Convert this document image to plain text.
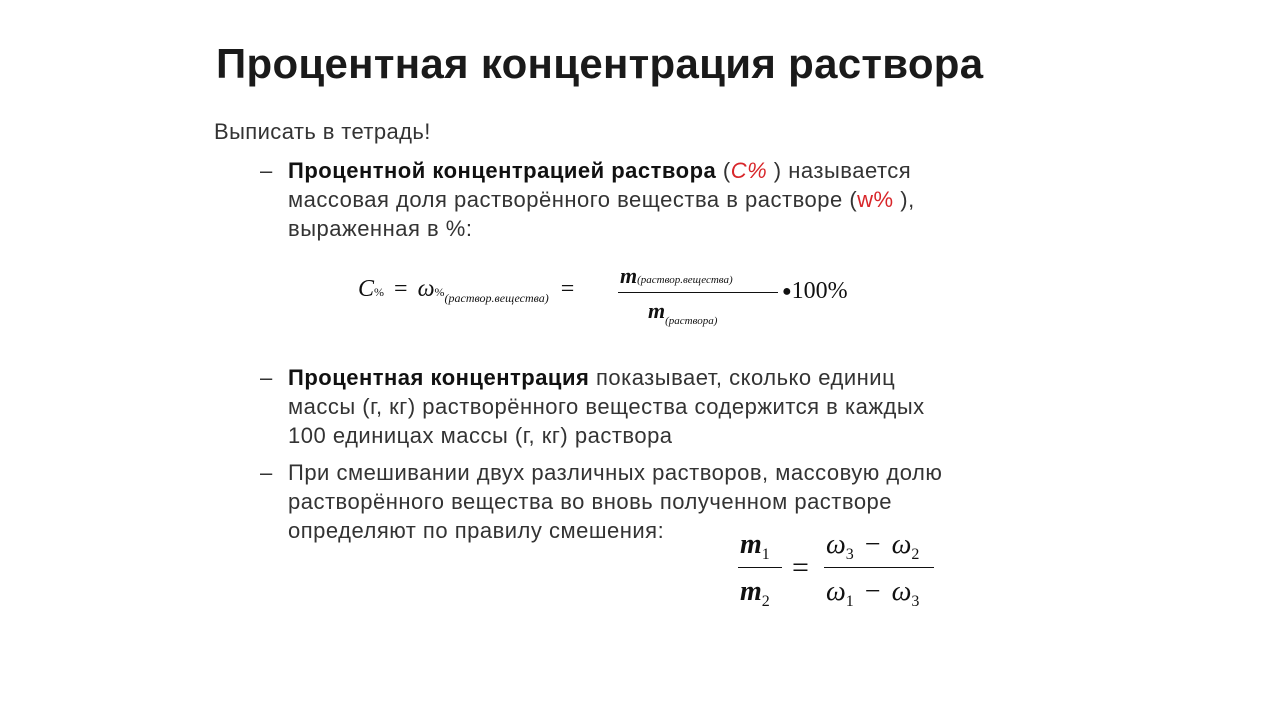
Процентная концентрация раствора
Выписать в тетрадь!
– Процентной концентрацией раствора (C% ) называется
массовая доля растворённого вещества в растворе (w% ),
выраженная в %:
$C\% = \omega\%_{(раствор.вещества)}$ =
m(раствор.вещества)
$m_{(раствора)}$
●100%
– Процентная концентрация показывает, сколько единиц
массы (г, кг) растворённого вещества содержится в каждых
100 единицах массы (г, кг) раствора
– При смешивании двух различных растворов, массовую долю
растворённого вещества во вновь полученном растворе
определяют по правилу смешения:	$m_1$
$m_2$
=
$\omega_3 - \omega_2$
$\omega_1 - \omega_3$
